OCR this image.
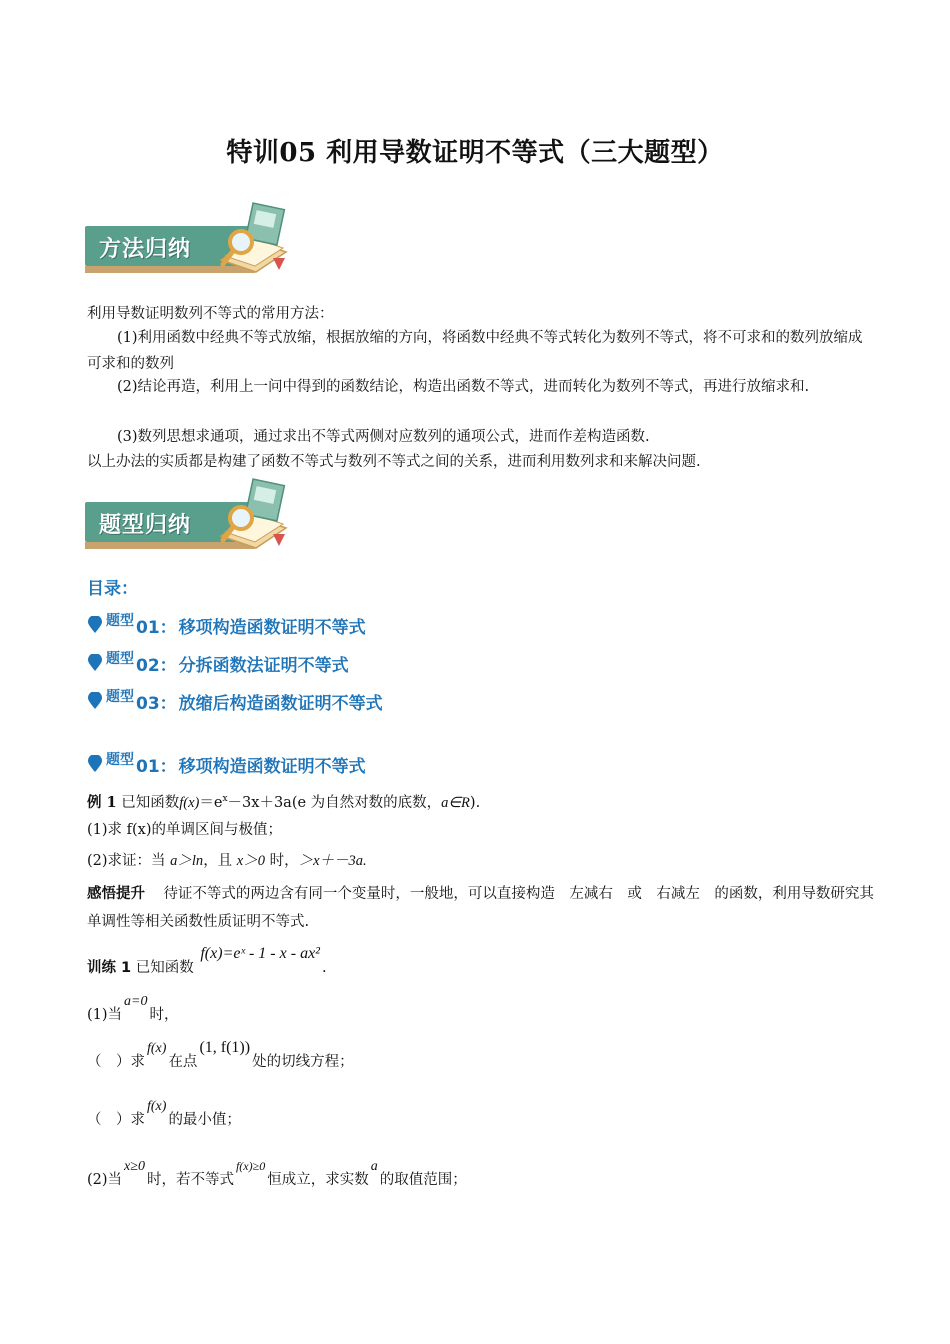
特训05 利用导数证明不等式（三大题型）
方法归纳
利用导数证明数列不等式的常用方法：
(1)利用函数中经典不等式放缩，根据放缩的方向，将函数中经典不等式转化为数列不等式，将不可求和的数列放缩成可求和的数列
(2)结论再造，利用上一问中得到的函数结论，构造出函数不等式，进而转化为数列不等式，再进行放缩求和.
(3)数列思想求通项，通过求出不等式两侧对应数列的通项公式，进而作差构造函数.
以上办法的实质都是构建了函数不等式与数列不等式之间的关系，进而利用数列求和来解决问题.
题型归纳
目录：
题型 01： 移项构造函数证明不等式
题型 02： 分拆函数法证明不等式
题型 03： 放缩后构造函数证明不等式
题型 01： 移项构造函数证明不等式
例 1 已知函数$f(x)=e^x-3x+3a(e$ 为自然对数的底数，a∈R).
(1)求 f(x)的单调区间与极值；
(2)求证：当 a＞ln，且 x＞0 时，＞x＋－3a.
感悟提升 待证不等式的两边含有同一个变量时，一般地，可以直接构造　左减右　或　右减左　的函数，利用导数研究其单调性等相关函数性质证明不等式.
训练 1 已知函数 f(x)=eˣ - 1 - x - ax².
(1)当a=0时，
（　）求f(x)在点(1, f(1))处的切线方程；
（　）求f(x)的最小值；
(2)当x≥0时，若不等式f(x)≥0恒成立，求实数a的取值范围；
